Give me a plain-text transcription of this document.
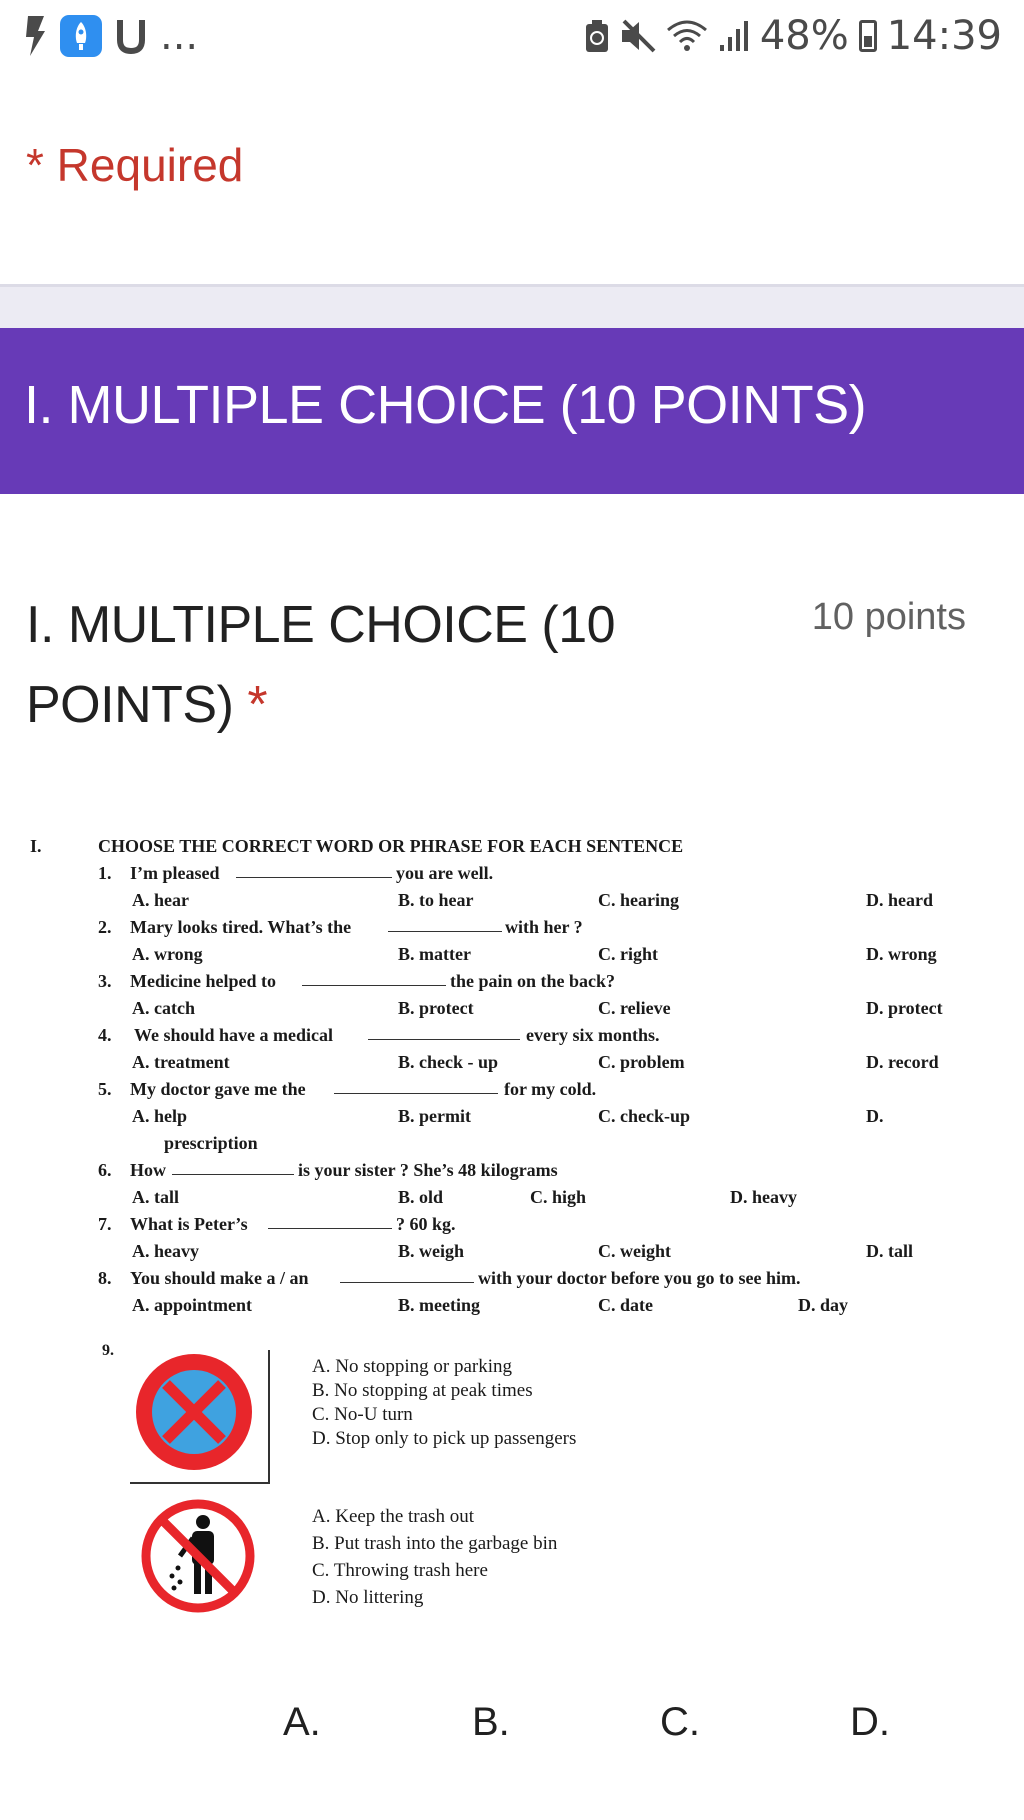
...	48% 14:39
* Required
I. MULTIPLE CHOICE (10 POINTS)
I. MULTIPLE CHOICE (10 POINTS) *
10 points
I.	CHOOSE THE CORRECT WORD OR PHRASE FOR EACH SENTENCE
1. I’m pleased	you are well.
A. hear	B. to hear	C. hearing	D. heard
2. Mary looks tired. What’s the	with her ?
A. wrong	B. matter	C. right	D. wrong
3. Medicine helped to	the pain on the back?
A. catch	B. protect	C. relieve	D. protect
4. We should have a medical	every six months.
A. treatment	B. check - up	C. problem	D. record
5. My doctor gave me the	for my cold.
A. help	B. permit	C. check-up	D.
prescription
6. How	is your sister ? She’s 48 kilograms
A. tall	B. old	C. high	D. heavy
7. What is Peter’s	? 60 kg.
A. heavy	B. weigh	C. weight	D. tall
8. You should make a / an	with your doctor before you go to see him.
A. appointment	B. meeting	C. date	D. day
9.
A. No stopping or parking
B. No stopping at peak times
C. No-U turn
D. Stop only to pick up passengers
A. Keep the trash out
B. Put trash into the garbage bin
C. Throwing trash here
D. No littering
A.	B.	C.	D.
